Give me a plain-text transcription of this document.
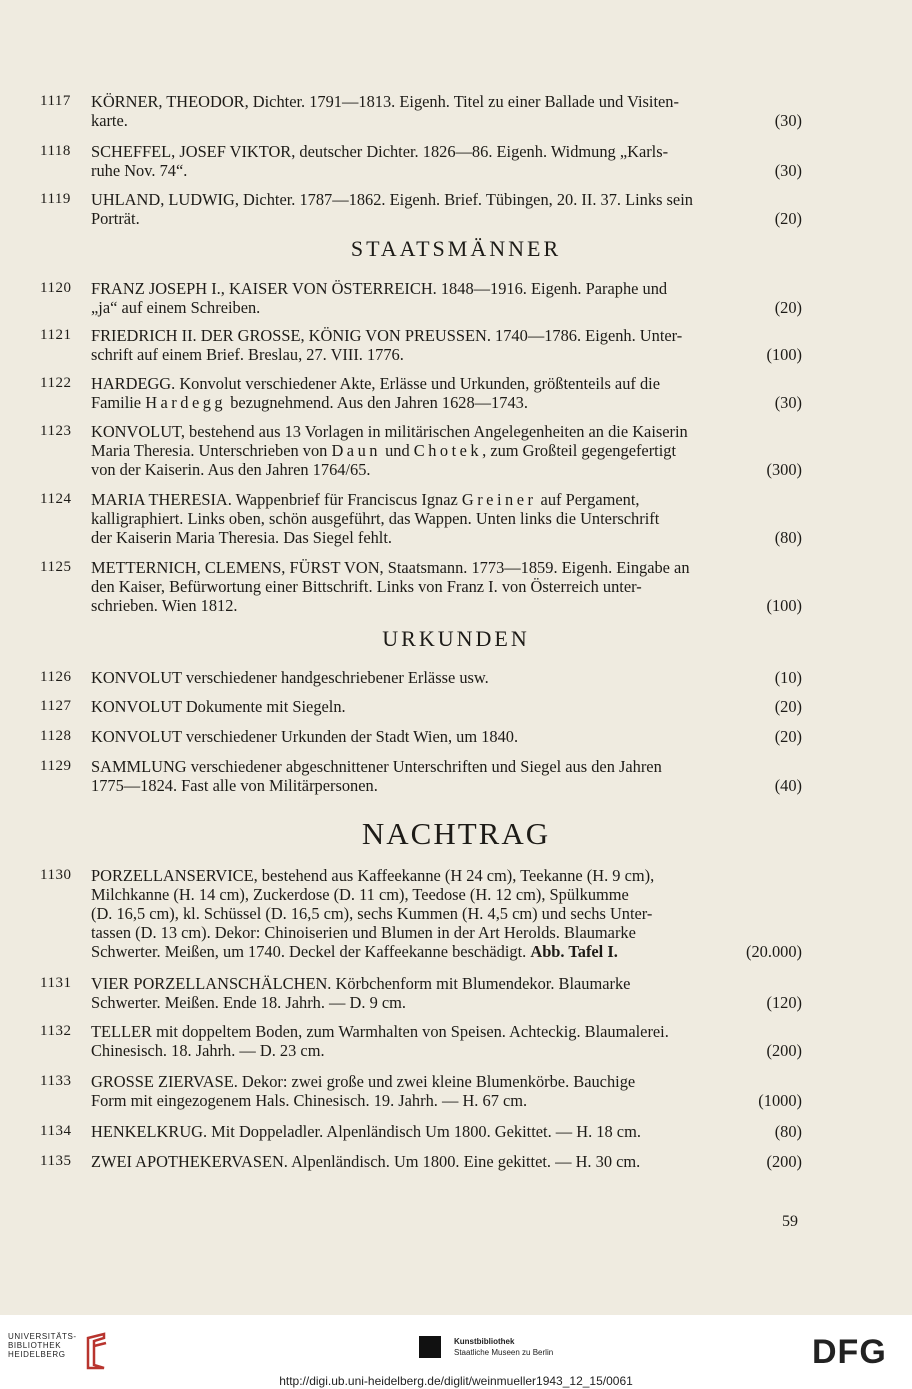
1117 KÖRNER, THEODOR, Dichter. 1791—1813. Eigenh. Titel zu einer Ballade und Visiten-
karte.	(30)
1118 SCHEFFEL, JOSEF VIKTOR, deutscher Dichter. 1826—86. Eigenh. Widmung „Karls-
ruhe Nov. 74“.	(30)
1119 UHLAND, LUDWIG, Dichter. 1787—1862. Eigenh. Brief. Tübingen, 20. II. 37. Links sein
Porträt.	(20)
STAATSMÄNNER
1120 FRANZ JOSEPH I., KAISER VON ÖSTERREICH. 1848—1916. Eigenh. Paraphe und
„ja“ auf einem Schreiben.	(20)
1121 FRIEDRICH II. DER GROSSE, KÖNIG VON PREUSSEN. 1740—1786. Eigenh. Unter-
schrift auf einem Brief. Breslau, 27. VIII. 1776.	(100)
1122 HARDEGG. Konvolut verschiedener Akte, Erlässe und Urkunden, größtenteils auf die
Familie Hardegg bezugnehmend. Aus den Jahren 1628—1743.	(30)
1123 KONVOLUT, bestehend aus 13 Vorlagen in militärischen Angelegenheiten an die Kaiserin
Maria Theresia. Unterschrieben von Daun und Chotek, zum Großteil gegengefertigt
von der Kaiserin. Aus den Jahren 1764/65.	(300)
1124 MARIA THERESIA. Wappenbrief für Franciscus Ignaz Greiner auf Pergament,
kalligraphiert. Links oben, schön ausgeführt, das Wappen. Unten links die Unterschrift
der Kaiserin Maria Theresia. Das Siegel fehlt.	(80)
1125 METTERNICH, CLEMENS, FÜRST VON, Staatsmann. 1773—1859. Eigenh. Eingabe an
den Kaiser, Befürwortung einer Bittschrift. Links von Franz I. von Österreich unter-
schrieben. Wien 1812.	(100)
URKUNDEN
1126 KONVOLUT verschiedener handgeschriebener Erlässe usw.	(10)
1127 KONVOLUT Dokumente mit Siegeln.	(20)
1128 KONVOLUT verschiedener Urkunden der Stadt Wien, um 1840.	(20)
1129 SAMMLUNG verschiedener abgeschnittener Unterschriften und Siegel aus den Jahren
1775—1824. Fast alle von Militärpersonen.	(40)
NACHTRAG
1130 PORZELLANSERVICE, bestehend aus Kaffeekanne (H 24 cm), Teekanne (H. 9 cm),
Milchkanne (H. 14 cm), Zuckerdose (D. 11 cm), Teedose (H. 12 cm), Spülkumme
(D. 16,5 cm), kl. Schüssel (D. 16,5 cm), sechs Kummen (H. 4,5 cm) und sechs Unter-
tassen (D. 13 cm). Dekor: Chinoiserien und Blumen in der Art Herolds. Blaumarke
Schwerter. Meißen, um 1740. Deckel der Kaffeekanne beschädigt. Abb. Tafel I.	(20.000)
1131 VIER PORZELLANSCHÄLCHEN. Körbchenform mit Blumendekor. Blaumarke
Schwerter. Meißen. Ende 18. Jahrh. — D. 9 cm.	(120)
1132 TELLER mit doppeltem Boden, zum Warmhalten von Speisen. Achteckig. Blaumalerei.
Chinesisch. 18. Jahrh. — D. 23 cm.	(200)
1133 GROSSE ZIERVASE. Dekor: zwei große und zwei kleine Blumenkörbe. Bauchige
Form mit eingezogenem Hals. Chinesisch. 19. Jahrh. — H. 67 cm.	(1000)
1134 HENKELKRUG. Mit Doppeladler. Alpenländisch Um 1800. Gekittet. — H. 18 cm.	(80)
1135 ZWEI APOTHEKERVASEN. Alpenländisch. Um 1800. Eine gekittet. — H. 30 cm.	(200)
59
UNIVERSITÄTS-
BIBLIOTHEK
HEIDELBERG
Kunstbibliothek
Staatliche Museen zu Berlin	DFG
http://digi.ub.uni-heidelberg.de/diglit/weinmueller1943_12_15/0061
